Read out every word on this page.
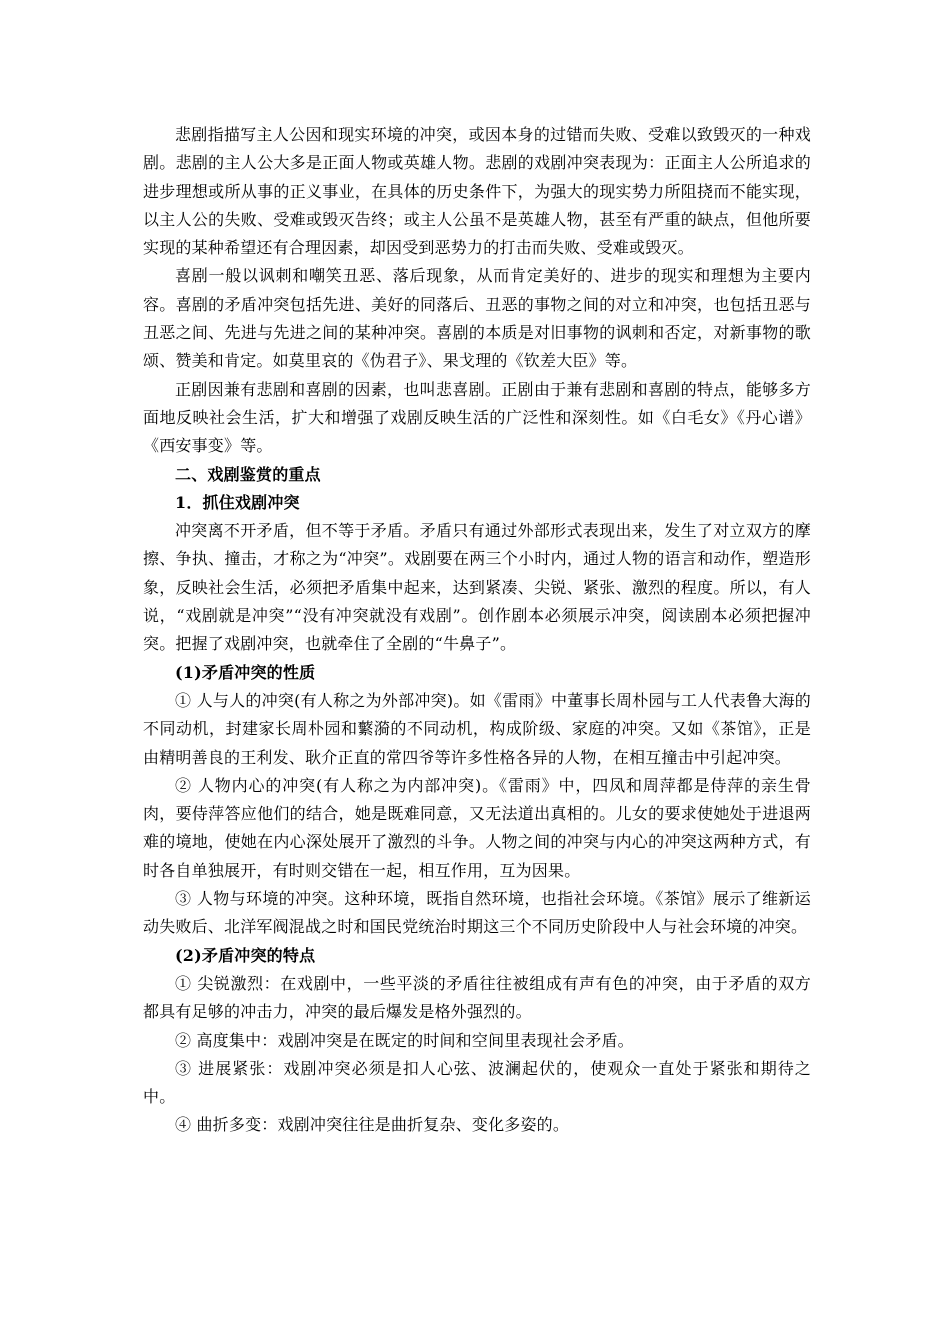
悲剧指描写主人公因和现实环境的冲突，或因本身的过错而失败、受难以致毁灭的一种戏剧。悲剧的主人公大多是正面人物或英雄人物。悲剧的戏剧冲突表现为：正面主人公所追求的进步理想或所从事的正义事业，在具体的历史条件下，为强大的现实势力所阻挠而不能实现，以主人公的失败、受难或毁灭告终；或主人公虽不是英雄人物，甚至有严重的缺点，但他所要实现的某种希望还有合理因素，却因受到恶势力的打击而失败、受难或毁灭。

喜剧一般以讽刺和嘲笑丑恶、落后现象，从而肯定美好的、进步的现实和理想为主要内容。喜剧的矛盾冲突包括先进、美好的同落后、丑恶的事物之间的对立和冲突，也包括丑恶与丑恶之间、先进与先进之间的某种冲突。喜剧的本质是对旧事物的讽刺和否定，对新事物的歌颂、赞美和肯定。如莫里哀的《伪君子》、果戈理的《钦差大臣》等。

正剧因兼有悲剧和喜剧的因素，也叫悲喜剧。正剧由于兼有悲剧和喜剧的特点，能够多方面地反映社会生活，扩大和增强了戏剧反映生活的广泛性和深刻性。如《白毛女》《丹心谱》《西安事变》等。

二、戏剧鉴赏的重点

1．抓住戏剧冲突

冲突离不开矛盾，但不等于矛盾。矛盾只有通过外部形式表现出来，发生了对立双方的摩擦、争执、撞击，才称之为“冲突”。戏剧要在两三个小时内，通过人物的语言和动作，塑造形象，反映社会生活，必须把矛盾集中起来，达到紧凑、尖锐、紧张、激烈的程度。所以，有人说，“戏剧就是冲突”“没有冲突就没有戏剧”。创作剧本必须展示冲突，阅读剧本必须把握冲突。把握了戏剧冲突，也就牵住了全剧的“牛鼻子”。

(1)矛盾冲突的性质

① 人与人的冲突(有人称之为外部冲突)。如《雷雨》中董事长周朴园与工人代表鲁大海的不同动机，封建家长周朴园和蘩漪的不同动机，构成阶级、家庭的冲突。又如《茶馆》，正是由精明善良的王利发、耿介正直的常四爷等许多性格各异的人物，在相互撞击中引起冲突。

② 人物内心的冲突(有人称之为内部冲突)。《雷雨》中，四凤和周萍都是侍萍的亲生骨肉，要侍萍答应他们的结合，她是既难同意，又无法道出真相的。儿女的要求使她处于进退两难的境地，使她在内心深处展开了激烈的斗争。人物之间的冲突与内心的冲突这两种方式，有时各自单独展开，有时则交错在一起，相互作用，互为因果。

③ 人物与环境的冲突。这种环境，既指自然环境，也指社会环境。《茶馆》展示了维新运动失败后、北洋军阀混战之时和国民党统治时期这三个不同历史阶段中人与社会环境的冲突。

(2)矛盾冲突的特点

① 尖锐激烈：在戏剧中，一些平淡的矛盾往往被组成有声有色的冲突，由于矛盾的双方都具有足够的冲击力，冲突的最后爆发是格外强烈的。

② 高度集中：戏剧冲突是在既定的时间和空间里表现社会矛盾。

③ 进展紧张：戏剧冲突必须是扣人心弦、波澜起伏的，使观众一直处于紧张和期待之中。

④ 曲折多变：戏剧冲突往往是曲折复杂、变化多姿的。
